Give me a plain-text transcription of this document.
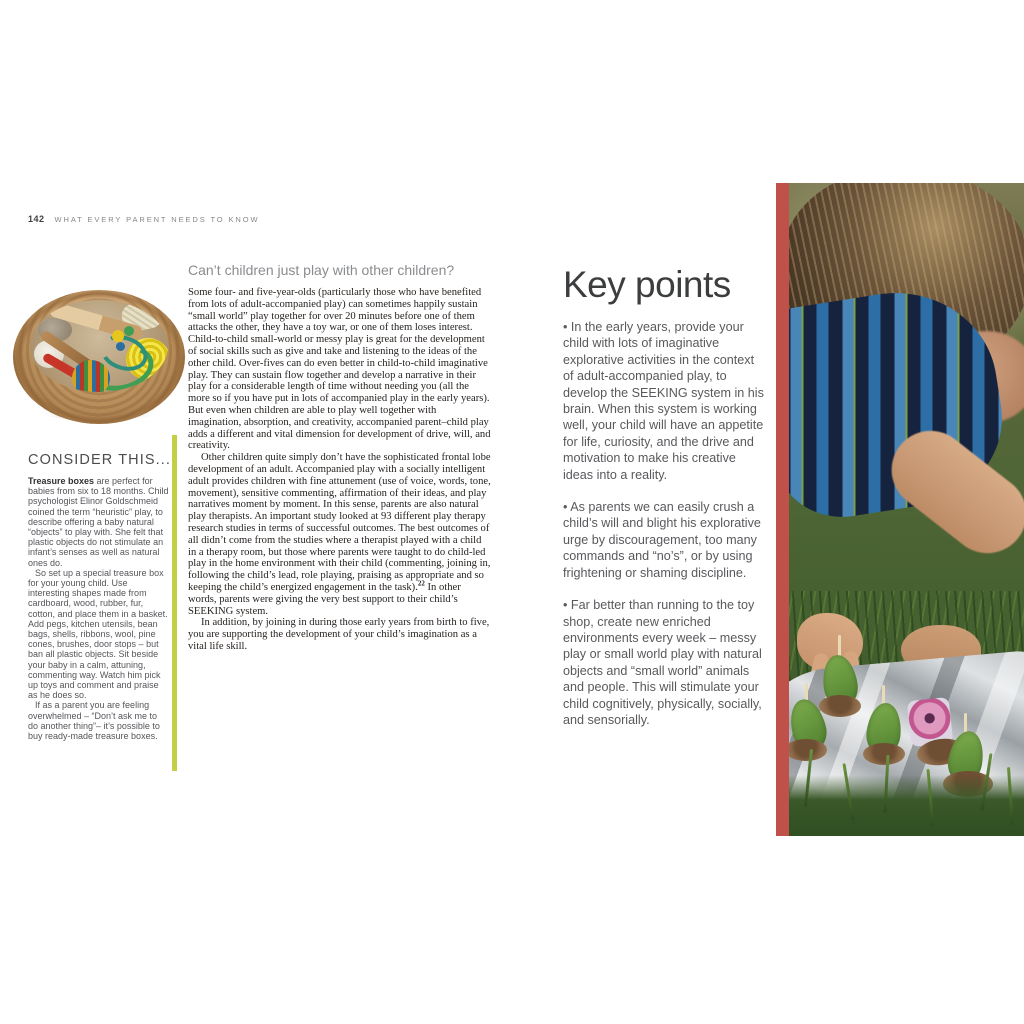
142 WHAT EVERY PARENT NEEDS TO KNOW
CONSIDER THIS...

Treasure boxes are perfect for babies from six to 18 months. Child psychologist Elinor Goldschmeid coined the term “heuristic” play, to describe offering a baby natural “objects” to play with. She felt that plastic objects do not stimulate an infant’s senses as well as natural ones do.

So set up a special treasure box for your young child. Use interesting shapes made from cardboard, wood, rubber, fur, cotton, and place them in a basket. Add pegs, kitchen utensils, bean bags, shells, ribbons, wool, pine cones, brushes, door stops – but ban all plastic objects. Sit beside your baby in a calm, attuning, commenting way. Watch him pick up toys and comment and praise as he does so.

If as a parent you are feeling overwhelmed – “Don’t ask me to do another thing”– it’s possible to buy ready-made treasure boxes.

Can’t children just play with other children?

Some four- and five-year-olds (particularly those who have benefited from lots of adult-accompanied play) can sometimes happily sustain “small world” play together for over 20 minutes before one of them attacks the other, they have a toy war, or one of them loses interest. Child-to-child small-world or messy play is great for the development of social skills such as give and take and listening to the ideas of the other child. Over-fives can do even better in child-to-child imaginative play. They can sustain flow together and develop a narrative in their play for a considerable length of time without needing you (all the more so if you have put in lots of accompanied play in the early years). But even when children are able to play well together with imagination, absorption, and creativity, accompanied parent–child play adds a different and vital dimension for development of drive, will, and creativity.

Other children quite simply don’t have the sophisticated frontal lobe development of an adult. Accompanied play with a socially intelligent adult provides children with fine attunement (use of voice, words, tone, movement), sensitive commenting, affirmation of their ideas, and play narratives moment by moment. In this sense, parents are also natural play therapists. An important study looked at 93 different play therapy research studies in terms of successful outcomes. The best outcomes of all didn’t come from the studies where a therapist played with a child in a therapy room, but those where parents were taught to do child-led play in the home environment with their child (commenting, joining in, following the child’s lead, role playing, praising as appropriate and so keeping the child’s energized engagement in the task).$^{22}$ In other words, parents were giving the very best support to their child’s SEEKING system.

In addition, by joining in during those early years from birth to five, you are supporting the development of your child’s imagination as a vital life skill.

Key points

• In the early years, provide your child with lots of imaginative explorative activities in the context of adult-accompanied play, to develop the SEEKING system in his brain. When this system is working well, your child will have an appetite for life, curiosity, and the drive and motivation to make his creative ideas into a reality.

• As parents we can easily crush a child’s will and blight his explorative urge by discouragement, too many commands and “no’s”, or by using frightening or shaming discipline.

• Far better than running to the toy shop, create new enriched environments every week – messy play or small world play with natural objects and “small world” animals and people. This will stimulate your child cognitively, physically, socially, and sensorially.
